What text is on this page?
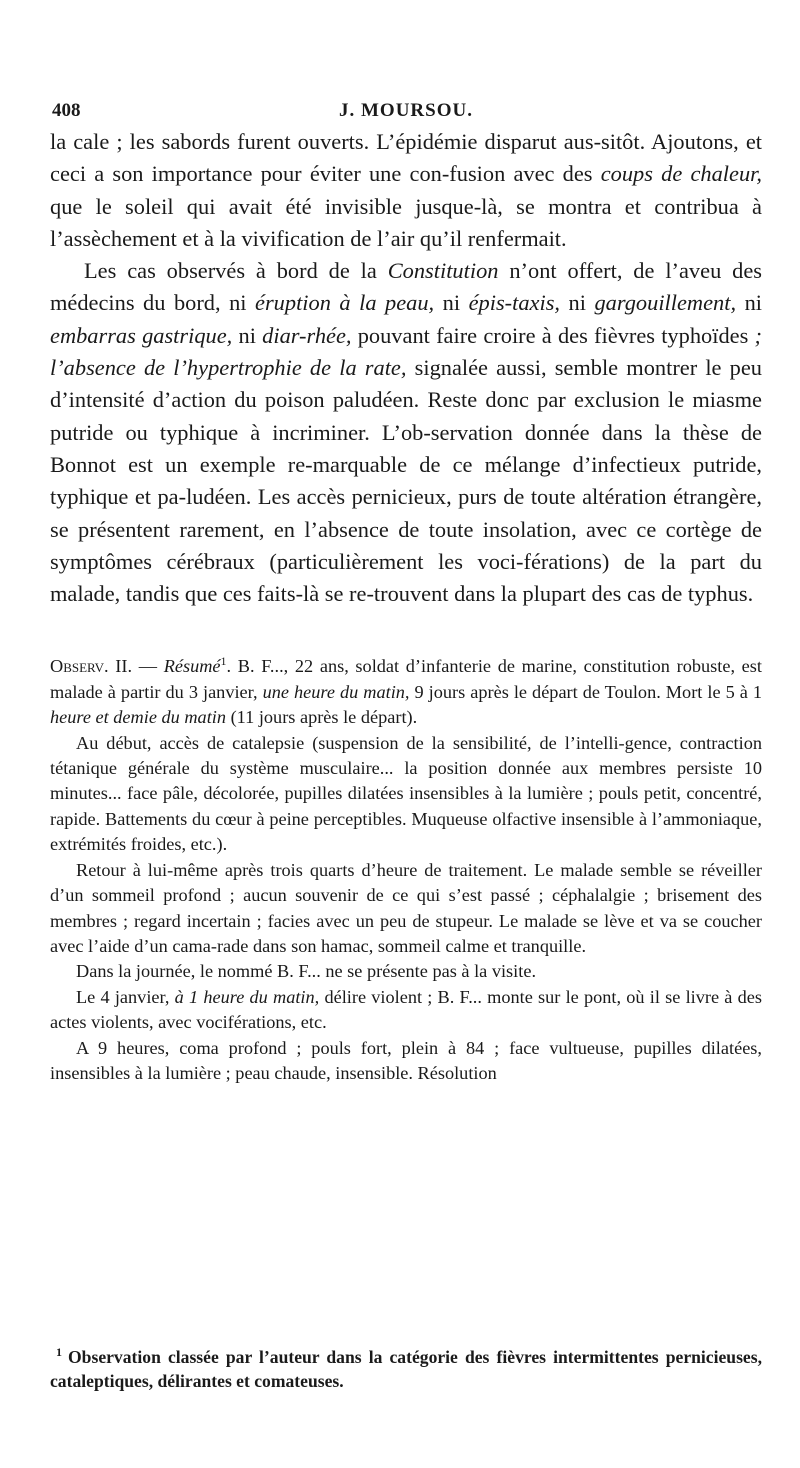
408	J. MOURSOU.

la cale ; les sabords furent ouverts. L’épidémie disparut aus-sitôt. Ajoutons, et ceci a son importance pour éviter une con-fusion avec des coups de chaleur, que le soleil qui avait été invisible jusque-là, se montra et contribua à l’assèchement et à la vivification de l’air qu’il renfermait.

Les cas observés à bord de la Constitution n’ont offert, de l’aveu des médecins du bord, ni éruption à la peau, ni épis-taxis, ni gargouillement, ni embarras gastrique, ni diar-rhée, pouvant faire croire à des fièvres typhoïdes ; l’absence de l’hypertrophie de la rate, signalée aussi, semble montrer le peu d’intensité d’action du poison paludéen. Reste donc par exclusion le miasme putride ou typhique à incriminer. L’ob-servation donnée dans la thèse de Bonnot est un exemple re-marquable de ce mélange d’infectieux putride, typhique et pa-ludéen. Les accès pernicieux, purs de toute altération étrangère, se présentent rarement, en l’absence de toute insolation, avec ce cortège de symptômes cérébraux (particulièrement les voci-férations) de la part du malade, tandis que ces faits-là se re-trouvent dans la plupart des cas de typhus.

Observ. II. — Résumé$^1$. B. F..., 22 ans, soldat d’infanterie de marine, constitution robuste, est malade à partir du 3 janvier, une heure du matin, 9 jours après le départ de Toulon. Mort le 5 à 1 heure et demie du matin (11 jours après le départ).

Au début, accès de catalepsie (suspension de la sensibilité, de l’intelli-gence, contraction tétanique générale du système musculaire... la position donnée aux membres persiste 10 minutes... face pâle, décolorée, pupilles dilatées insensibles à la lumière ; pouls petit, concentré, rapide. Battements du cœur à peine perceptibles. Muqueuse olfactive insensible à l’ammoniaque, extrémités froides, etc.).

Retour à lui-même après trois quarts d’heure de traitement. Le malade semble se réveiller d’un sommeil profond ; aucun souvenir de ce qui s’est passé ; céphalalgie ; brisement des membres ; regard incertain ; facies avec un peu de stupeur. Le malade se lève et va se coucher avec l’aide d’un cama-rade dans son hamac, sommeil calme et tranquille.

Dans la journée, le nommé B. F... ne se présente pas à la visite.

Le 4 janvier, à 1 heure du matin, délire violent ; B. F... monte sur le pont, où il se livre à des actes violents, avec vociférations, etc.

A 9 heures, coma profond ; pouls fort, plein à 84 ; face vultueuse, pupilles dilatées, insensibles à la lumière ; peau chaude, insensible. Résolution

$^1$ Observation classée par l’auteur dans la catégorie des fièvres intermittentes pernicieuses, cataleptiques, délirantes et comateuses.
